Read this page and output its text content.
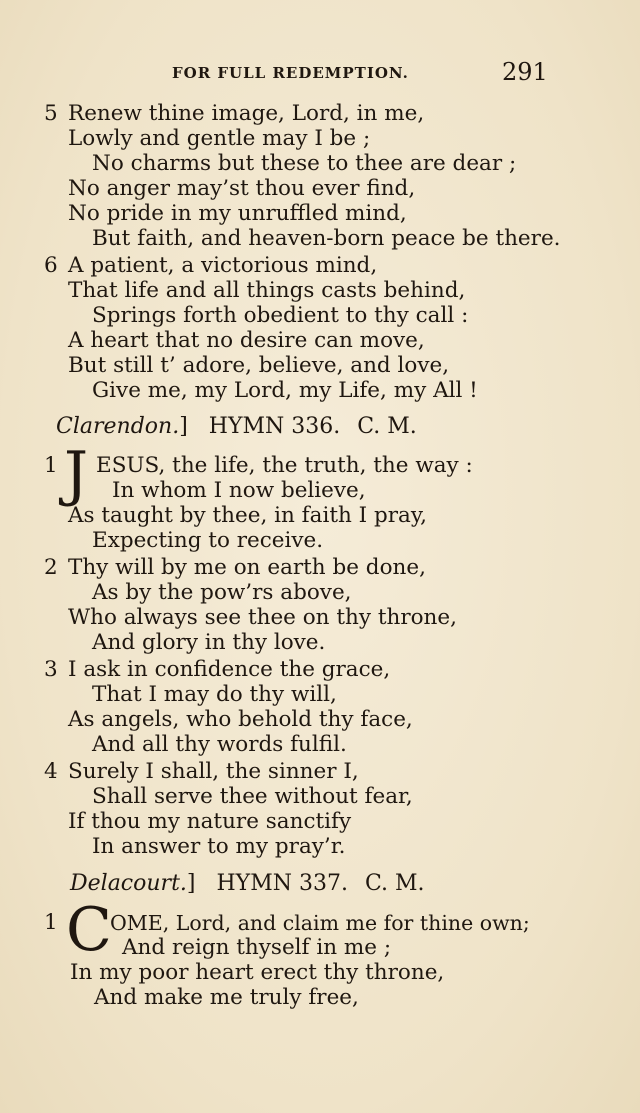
FOR FULL REDEMPTION.	291
5 Renew thine image, Lord, in me,
Lowly and gentle may I be ;
No charms but these to thee are dear ;
No anger may’st thou ever find,
No pride in my unruffled mind,
But faith, and heaven-born peace be there.
6 A patient, a victorious mind,
That life and all things casts behind,
Springs forth obedient to thy call :
A heart that no desire can move,
But still t’ adore, believe, and love,
Give me, my Lord, my Life, my All !
Clarendon.] HYMN 336. C. M.
1 J ESUS, the life, the truth, the way :
In whom I now believe,
As taught by thee, in faith I pray,
Expecting to receive.
2 Thy will by me on earth be done,
As by the pow’rs above,
Who always see thee on thy throne,
And glory in thy love.
3 I ask in confidence the grace,
That I may do thy will,
As angels, who behold thy face,
And all thy words fulfil.
4 Surely I shall, the sinner I,
Shall serve thee without fear,
If thou my nature sanctify
In answer to my pray’r.
Delacourt.] HYMN 337. C. M.
1 C
OME, Lord, and claim me for thine own;
And reign thyself in me ;
In my poor heart erect thy throne,
And make me truly free,
